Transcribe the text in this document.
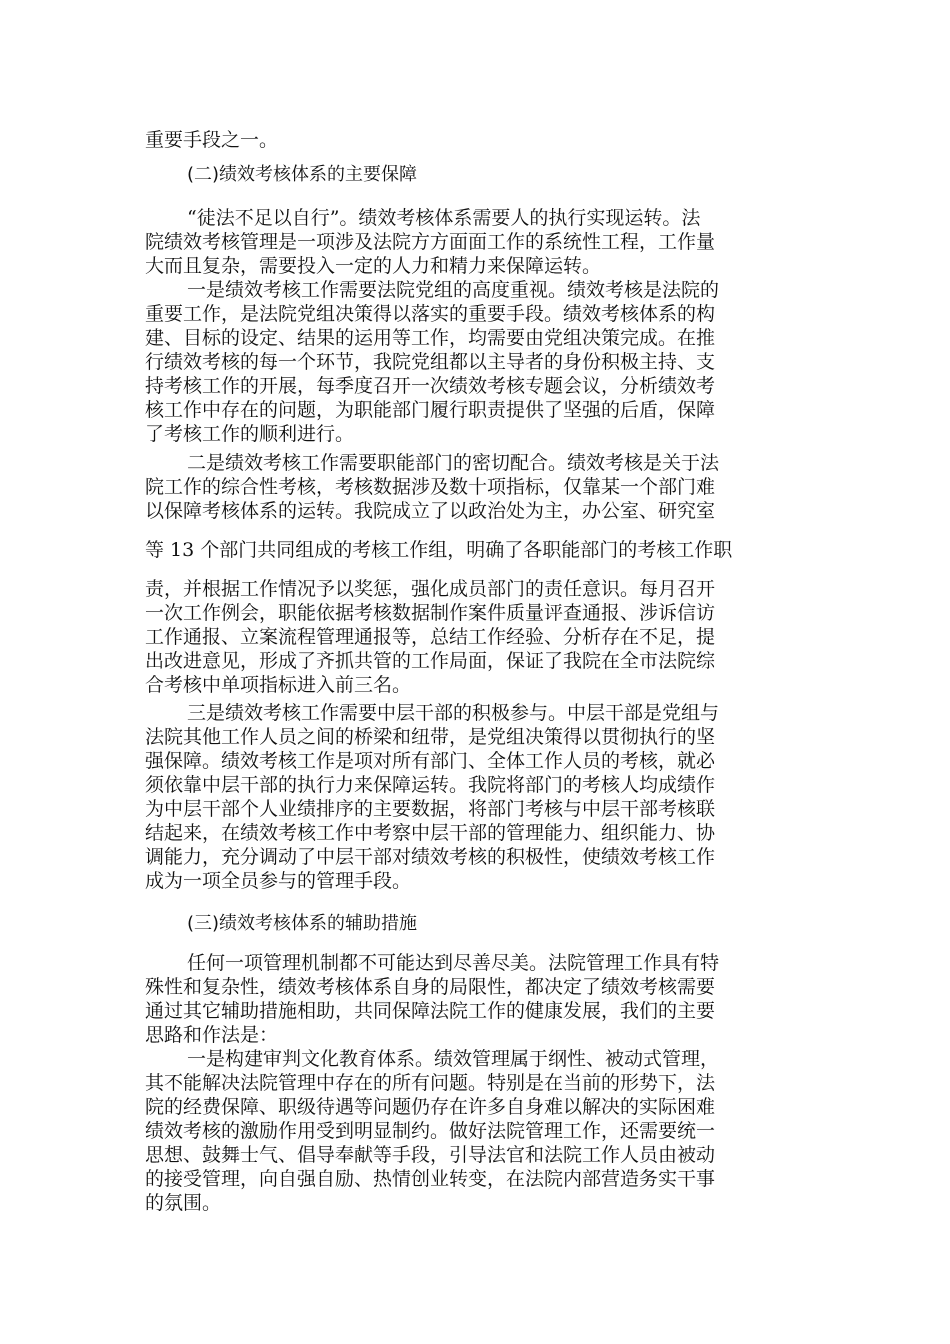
重要手段之一。
(二)绩效考核体系的主要保障
“徒法不足以自行”。绩效考核体系需要人的执行实现运转。法
院绩效考核管理是一项涉及法院方方面面工作的系统性工程，工作量
大而且复杂，需要投入一定的人力和精力来保障运转。
一是绩效考核工作需要法院党组的高度重视。绩效考核是法院的
重要工作，是法院党组决策得以落实的重要手段。绩效考核体系的构
建、目标的设定、结果的运用等工作，均需要由党组决策完成。在推
行绩效考核的每一个环节，我院党组都以主导者的身份积极主持、支
持考核工作的开展，每季度召开一次绩效考核专题会议，分析绩效考
核工作中存在的问题，为职能部门履行职责提供了坚强的后盾，保障
了考核工作的顺利进行。
二是绩效考核工作需要职能部门的密切配合。绩效考核是关于法
院工作的综合性考核，考核数据涉及数十项指标，仅靠某一个部门难
以保障考核体系的运转。我院成立了以政治处为主，办公室、研究室
等 13 个部门共同组成的考核工作组，明确了各职能部门的考核工作职
责，并根据工作情况予以奖惩，强化成员部门的责任意识。每月召开
一次工作例会，职能依据考核数据制作案件质量评查通报、涉诉信访
工作通报、立案流程管理通报等，总结工作经验、分析存在不足，提
出改进意见，形成了齐抓共管的工作局面，保证了我院在全市法院综
合考核中单项指标进入前三名。
三是绩效考核工作需要中层干部的积极参与。中层干部是党组与
法院其他工作人员之间的桥梁和纽带，是党组决策得以贯彻执行的坚
强保障。绩效考核工作是项对所有部门、全体工作人员的考核，就必
须依靠中层干部的执行力来保障运转。我院将部门的考核人均成绩作
为中层干部个人业绩排序的主要数据，将部门考核与中层干部考核联
结起来，在绩效考核工作中考察中层干部的管理能力、组织能力、协
调能力，充分调动了中层干部对绩效考核的积极性，使绩效考核工作
成为一项全员参与的管理手段。
(三)绩效考核体系的辅助措施
任何一项管理机制都不可能达到尽善尽美。法院管理工作具有特
殊性和复杂性，绩效考核体系自身的局限性，都决定了绩效考核需要
通过其它辅助措施相助，共同保障法院工作的健康发展，我们的主要
思路和作法是：
一是构建审判文化教育体系。绩效管理属于纲性、被动式管理，
其不能解决法院管理中存在的所有问题。特别是在当前的形势下，法
院的经费保障、职级待遇等问题仍存在许多自身难以解决的实际困难
绩效考核的激励作用受到明显制约。做好法院管理工作，还需要统一
思想、鼓舞士气、倡导奉献等手段，引导法官和法院工作人员由被动
的接受管理，向自强自励、热情创业转变，在法院内部营造务实干事
的氛围。
